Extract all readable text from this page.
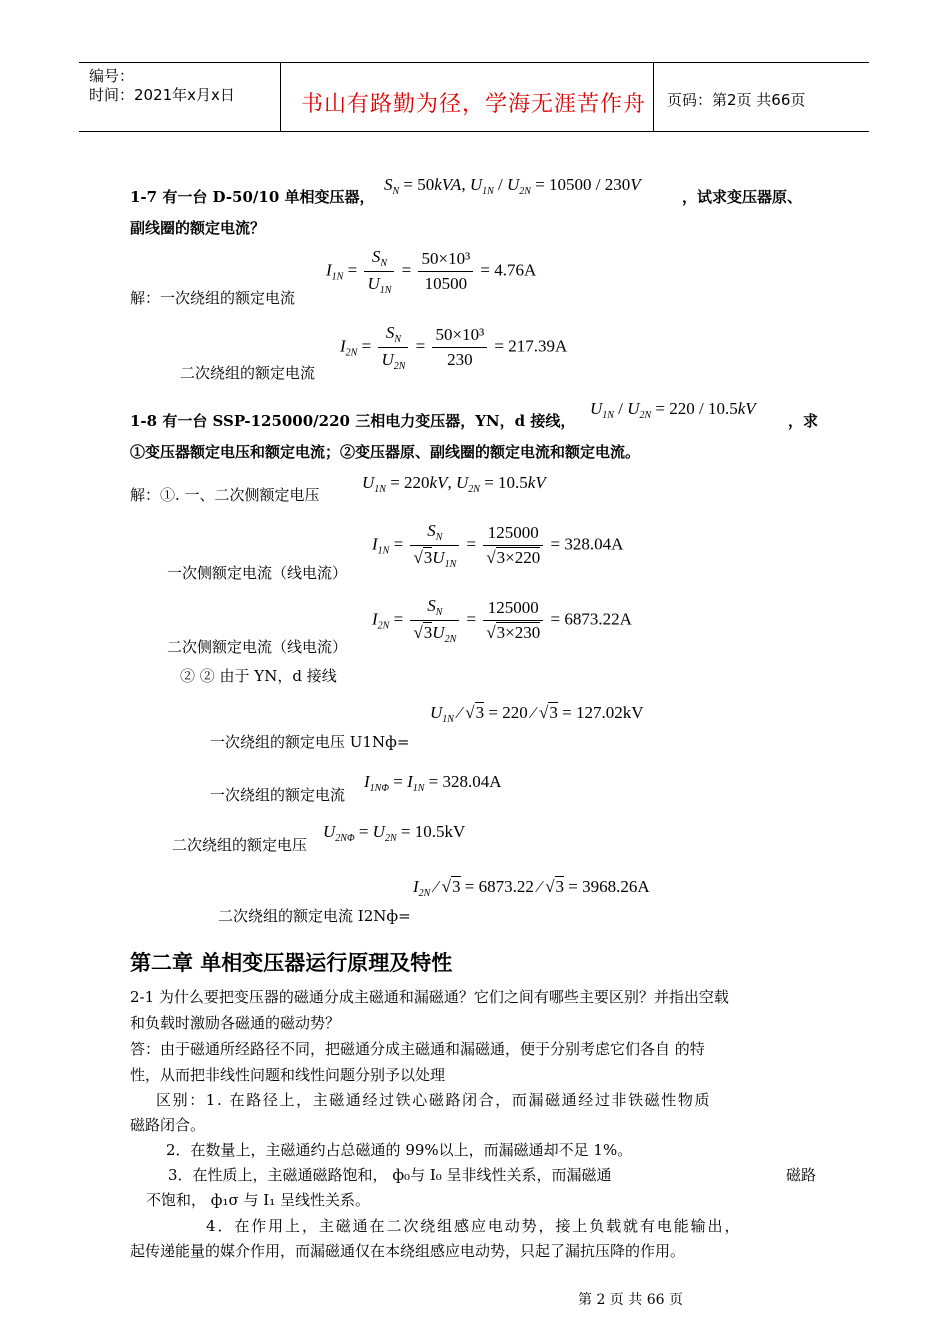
编号：
时间：2021年x月x日	书山有路勤为径，学海无涯苦作舟 页码：第2页 共66页
1-7 有一台 D-50/10 单相变压器，
$S_N = 50kVA$, $U_{1N} / U_{2N} = 10500 / 230V$
，试求变压器原、
副线圈的额定电流？
解：一次绕组的额定电流
$I_{1N} = \frac{S_N}{U_{1N}} = \frac{\text{50×10³}}{10500} = 4.76A$
二次绕组的额定电流
$I_{2N} = \frac{S_N}{U_{2N}} = \frac{\text{50×10³}}{230} = 217.39A$
1-8 有一台 SSP-125000/220 三相电力变压器，YN，d 接线，
$U_{1N} / U_{2N} = 220 / 10.5kV$
，求
①变压器额定电压和额定电流；②变压器原、副线圈的额定电流和额定电流。
解：①. 一、二次侧额定电压
$U_{1N} = 220kV$, $U_{2N} = 10.5kV$
一次侧额定电流（线电流）
$I_{1N} = \frac{S_N}{√3U_{1N}} = \frac{125000}{√3\times 220} = 328.04A$
二次侧额定电流（线电流）
$I_{2N} = \frac{S_N}{√3U_{2N}} = \frac{125000}{√3\times 230} = 6873.22A$
② ② 由于 YN，d 接线
一次绕组的额定电压 U1Nф=
$U_{1N}$ ⁄ √3 = 220 ⁄ √3 = 127.02kV
一次绕组的额定电流
$I_{1N\Phi} = I_{1N} = 328.04A$
二次绕组的额定电压
$U_{2N\Phi} = U_{2N} = 10.5kV$
二次绕组的额定电流 I2Nф=
$I_{2N}$ ⁄ √3 = 6873.22 ⁄ √3 = 3968.26A
第二章 单相变压器运行原理及特性
2-1 为什么要把变压器的磁通分成主磁通和漏磁通？它们之间有哪些主要区别？并指出空载
和负载时激励各磁通的磁动势？
答：由于磁通所经路径不同，把磁通分成主磁通和漏磁通，便于分别考虑它们各自 的特
性，从而把非线性问题和线性问题分别予以处理
区别：1. 在路径上，主磁通经过铁心磁路闭合，而漏磁通经过非铁磁性物质
磁路闭合。
2．在数量上，主磁通约占总磁通的 99%以上，而漏磁通却不足 1%。
3．在性质上，主磁通磁路饱和， ф₀与 I₀ 呈非线性关系，而漏磁通	磁路
不饱和， ф₁σ 与 I₁ 呈线性关系。
4．在作用上，主磁通在二次绕组感应电动势，接上负载就有电能输出，
起传递能量的媒介作用，而漏磁通仅在本绕组感应电动势，只起了漏抗压降的作用。
第 2 页 共 66 页
